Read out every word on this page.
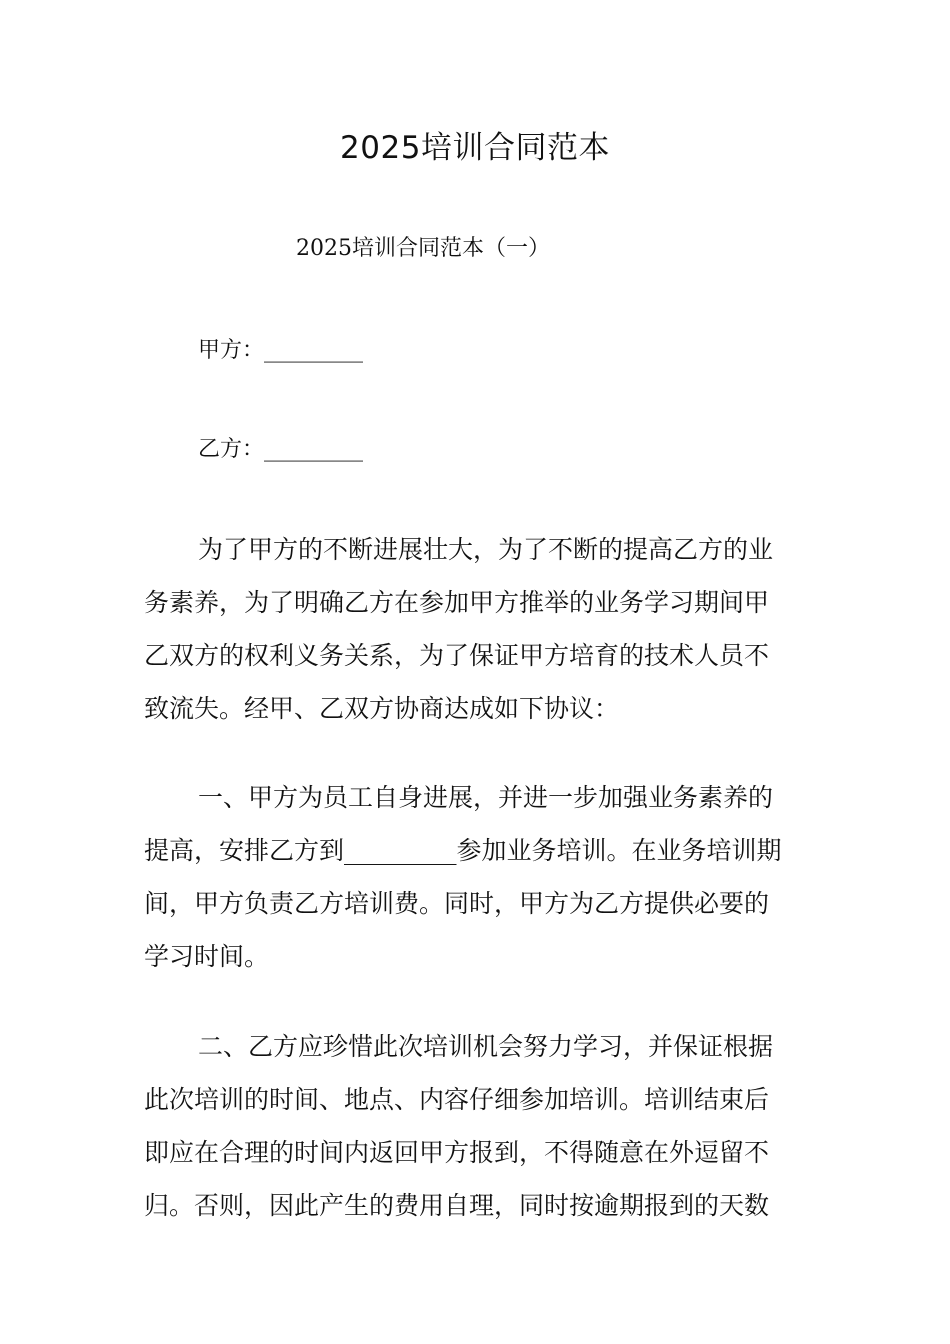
2025培训合同范本
2025培训合同范本（一）
甲方：_________
乙方：_________
为了甲方的不断进展壮大，为了不断的提高乙方的业
务素养，为了明确乙方在参加甲方推举的业务学习期间甲
乙双方的权利义务关系，为了保证甲方培育的技术人员不
致流失。经甲、乙双方协商达成如下协议：
一、甲方为员工自身进展，并进一步加强业务素养的
提高，安排乙方到_________参加业务培训。在业务培训期
间，甲方负责乙方培训费。同时，甲方为乙方提供必要的
学习时间。
二、乙方应珍惜此次培训机会努力学习，并保证根据
此次培训的时间、地点、内容仔细参加培训。培训结束后
即应在合理的时间内返回甲方报到，不得随意在外逗留不
归。否则，因此产生的费用自理，同时按逾期报到的天数
